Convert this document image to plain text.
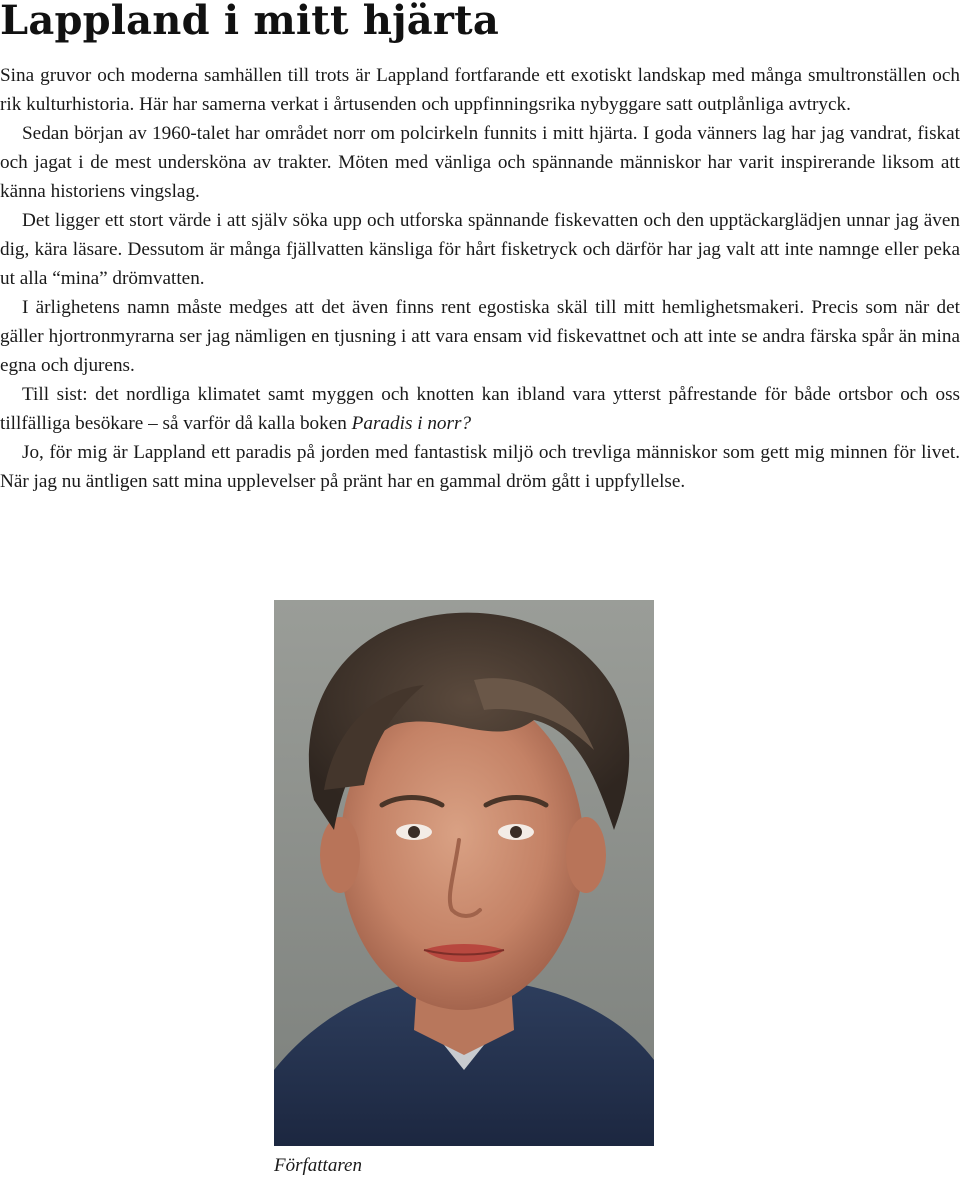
Lappland i mitt hjärta

Sina gruvor och moderna samhällen till trots är Lappland fortfarande ett exotiskt landskap med många smultronställen och rik kulturhistoria. Här har samerna verkat i årtusenden och uppfinningsrika nybyggare satt outplånliga avtryck.

Sedan början av 1960-talet har området norr om polcirkeln funnits i mitt hjärta. I goda vänners lag har jag vandrat, fiskat och jagat i de mest undersköna av trakter. Möten med vänliga och spännande människor har varit inspirerande liksom att känna historiens vingslag.

Det ligger ett stort värde i att själv söka upp och utforska spännande fiskevatten och den upptäckarglädjen unnar jag även dig, kära läsare. Dessutom är många fjällvatten känsliga för hårt fisketryck och därför har jag valt att inte namnge eller peka ut alla “mina” drömvatten.

I ärlighetens namn måste medges att det även finns rent egostiska skäl till mitt hemlighetsmakeri. Precis som när det gäller hjortronmyrarna ser jag nämligen en tjusning i att vara ensam vid fiskevattnet och att inte se andra färska spår än mina egna och djurens.

Till sist: det nordliga klimatet samt myggen och knotten kan ibland vara ytterst påfrestande för både ortsbor och oss tillfälliga besökare – så varför då kalla boken Paradis i norr?

Jo, för mig är Lappland ett paradis på jorden med fantastisk miljö och trevliga människor som gett mig minnen för livet. När jag nu äntligen satt mina upplevelser på pränt har en gammal dröm gått i uppfyllelse.

Författaren
